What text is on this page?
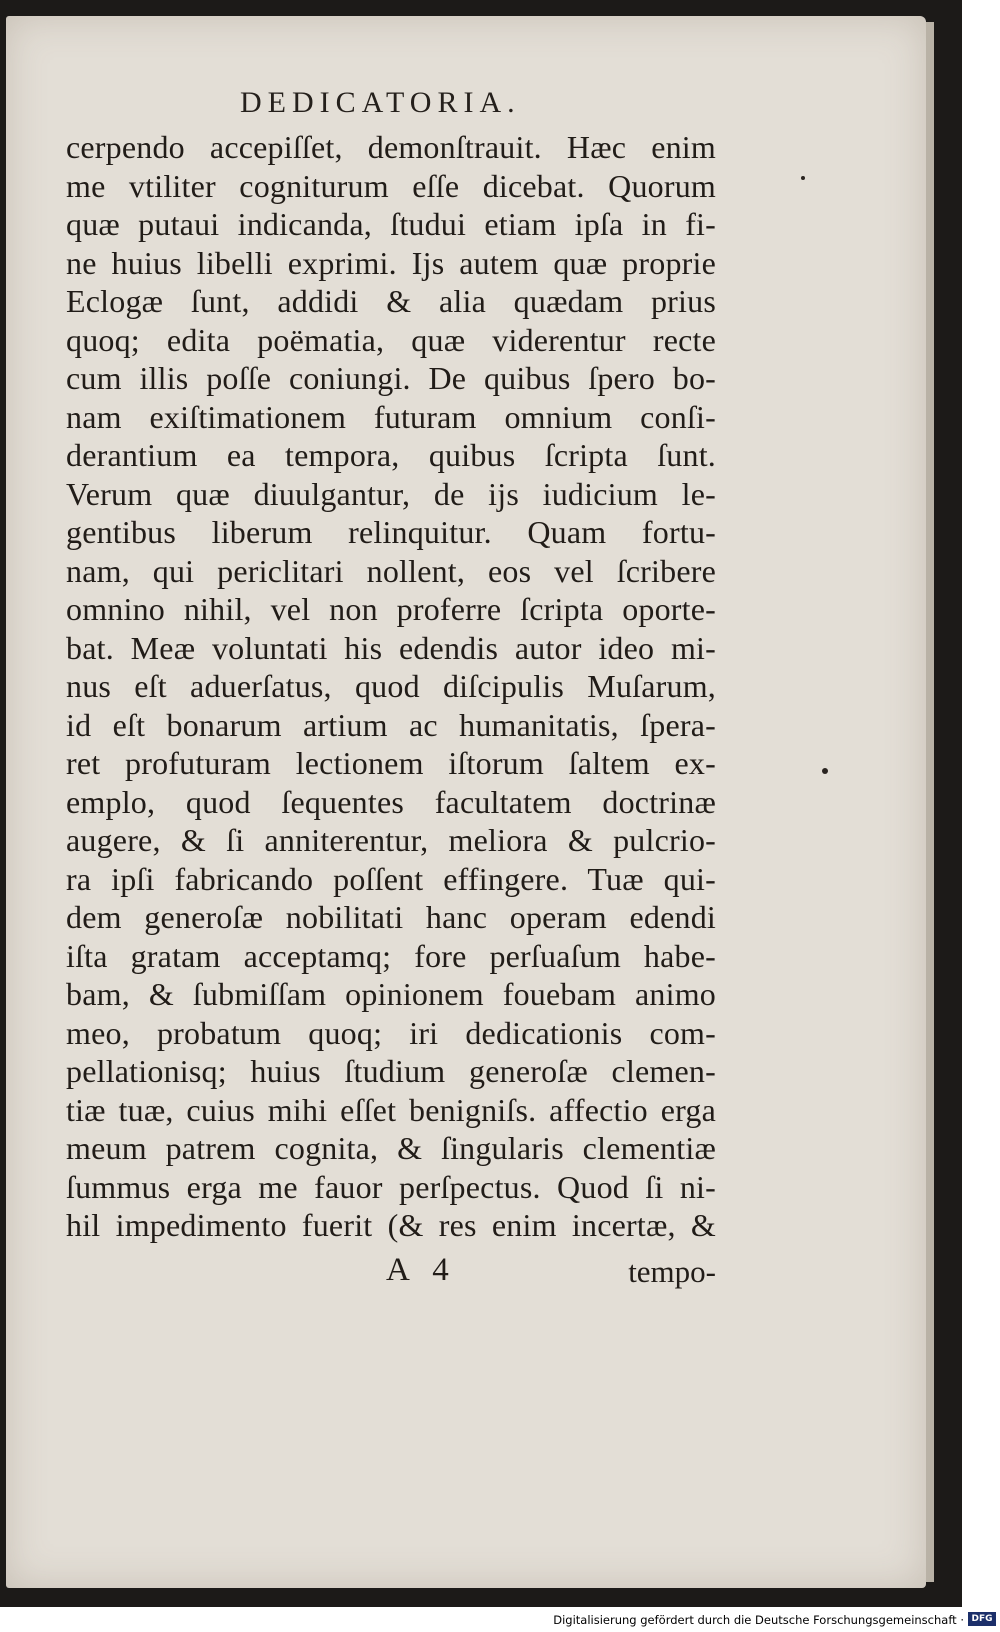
DEDICATORIA.
cerpendo accepiſſet, demonſtrauit. Hæc enim
me vtiliter cogniturum eſſe dicebat. Quorum
quæ putaui indicanda, ſtudui etiam ipſa in fi-
ne huius libelli exprimi. Ijs autem quæ proprie
Eclogæ ſunt, addidi & alia quædam prius
quoq; edita poëmatia, quæ viderentur recte
cum illis poſſe coniungi. De quibus ſpero bo-
nam exiſtimationem futuram omnium conſi-
derantium ea tempora, quibus ſcripta ſunt.
Verum quæ diuulgantur, de ijs iudicium le-
gentibus liberum relinquitur. Quam fortu-
nam, qui periclitari nollent, eos vel ſcribere
omnino nihil, vel non proferre ſcripta oporte-
bat. Meæ voluntati his edendis autor ideo mi-
nus eſt aduerſatus, quod diſcipulis Muſarum,
id eſt bonarum artium ac humanitatis, ſpera-
ret profuturam lectionem iſtorum ſaltem ex-
emplo, quod ſequentes facultatem doctrinæ
augere, & ſi anniterentur, meliora & pulcrio-
ra ipſi fabricando poſſent effingere. Tuæ qui-
dem generoſæ nobilitati hanc operam edendi
iſta gratam acceptamq; fore perſuaſum habe-
bam, & ſubmiſſam opinionem fouebam animo
meo, probatum quoq; iri dedicationis com-
pellationisq; huius ſtudium generoſæ clemen-
tiæ tuæ, cuius mihi eſſet benigniſs. affectio erga
meum patrem cognita, & ſingularis clementiæ
ſummus erga me fauor perſpectus. Quod ſi ni-
hil impedimento fuerit (& res enim incertæ, &
A 4	tempo-
Digitalisierung gefördert durch die Deutsche Forschungsgemeinschaft · DFG
